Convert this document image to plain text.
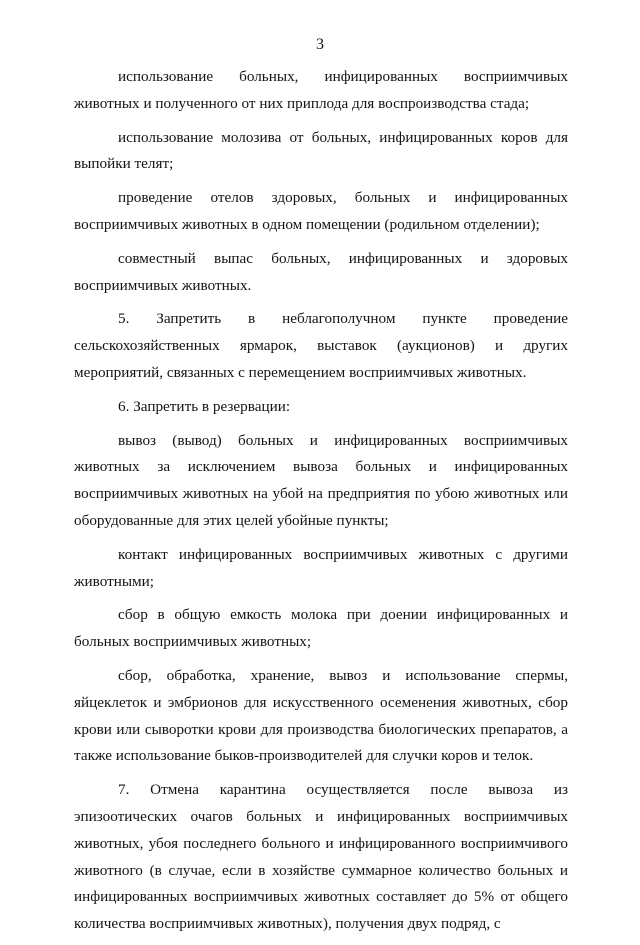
3

использование больных, инфицированных восприимчивых животных и полученного от них приплода для воспроизводства стада;

использование молозива от больных, инфицированных коров для выпойки телят;

проведение отелов здоровых, больных и инфицированных восприимчивых животных в одном помещении (родильном отделении);

совместный выпас больных, инфицированных и здоровых восприимчивых животных.

5. Запретить в неблагополучном пункте проведение сельскохозяйственных ярмарок, выставок (аукционов) и других мероприятий, связанных с перемещением восприимчивых животных.

6. Запретить в резервации:

вывоз (вывод) больных и инфицированных восприимчивых животных за исключением вывоза больных и инфицированных восприимчивых животных на убой на предприятия по убою животных или оборудованные для этих целей убойные пункты;

контакт инфицированных восприимчивых животных с другими животными;

сбор в общую емкость молока при доении инфицированных и больных восприимчивых животных;

сбор, обработка, хранение, вывоз и использование спермы, яйцеклеток и эмбрионов для искусственного осеменения животных, сбор крови или сыворотки крови для производства биологических препаратов, а также использование быков-производителей для случки коров и телок.

7. Отмена карантина осуществляется после вывоза из эпизоотических очагов больных и инфицированных восприимчивых животных, убоя последнего больного и инфицированного восприимчивого животного (в случае, если в хозяйстве суммарное количество больных и инфицированных восприимчивых животных составляет до 5% от общего количества восприимчивых животных), получения двух подряд, с
